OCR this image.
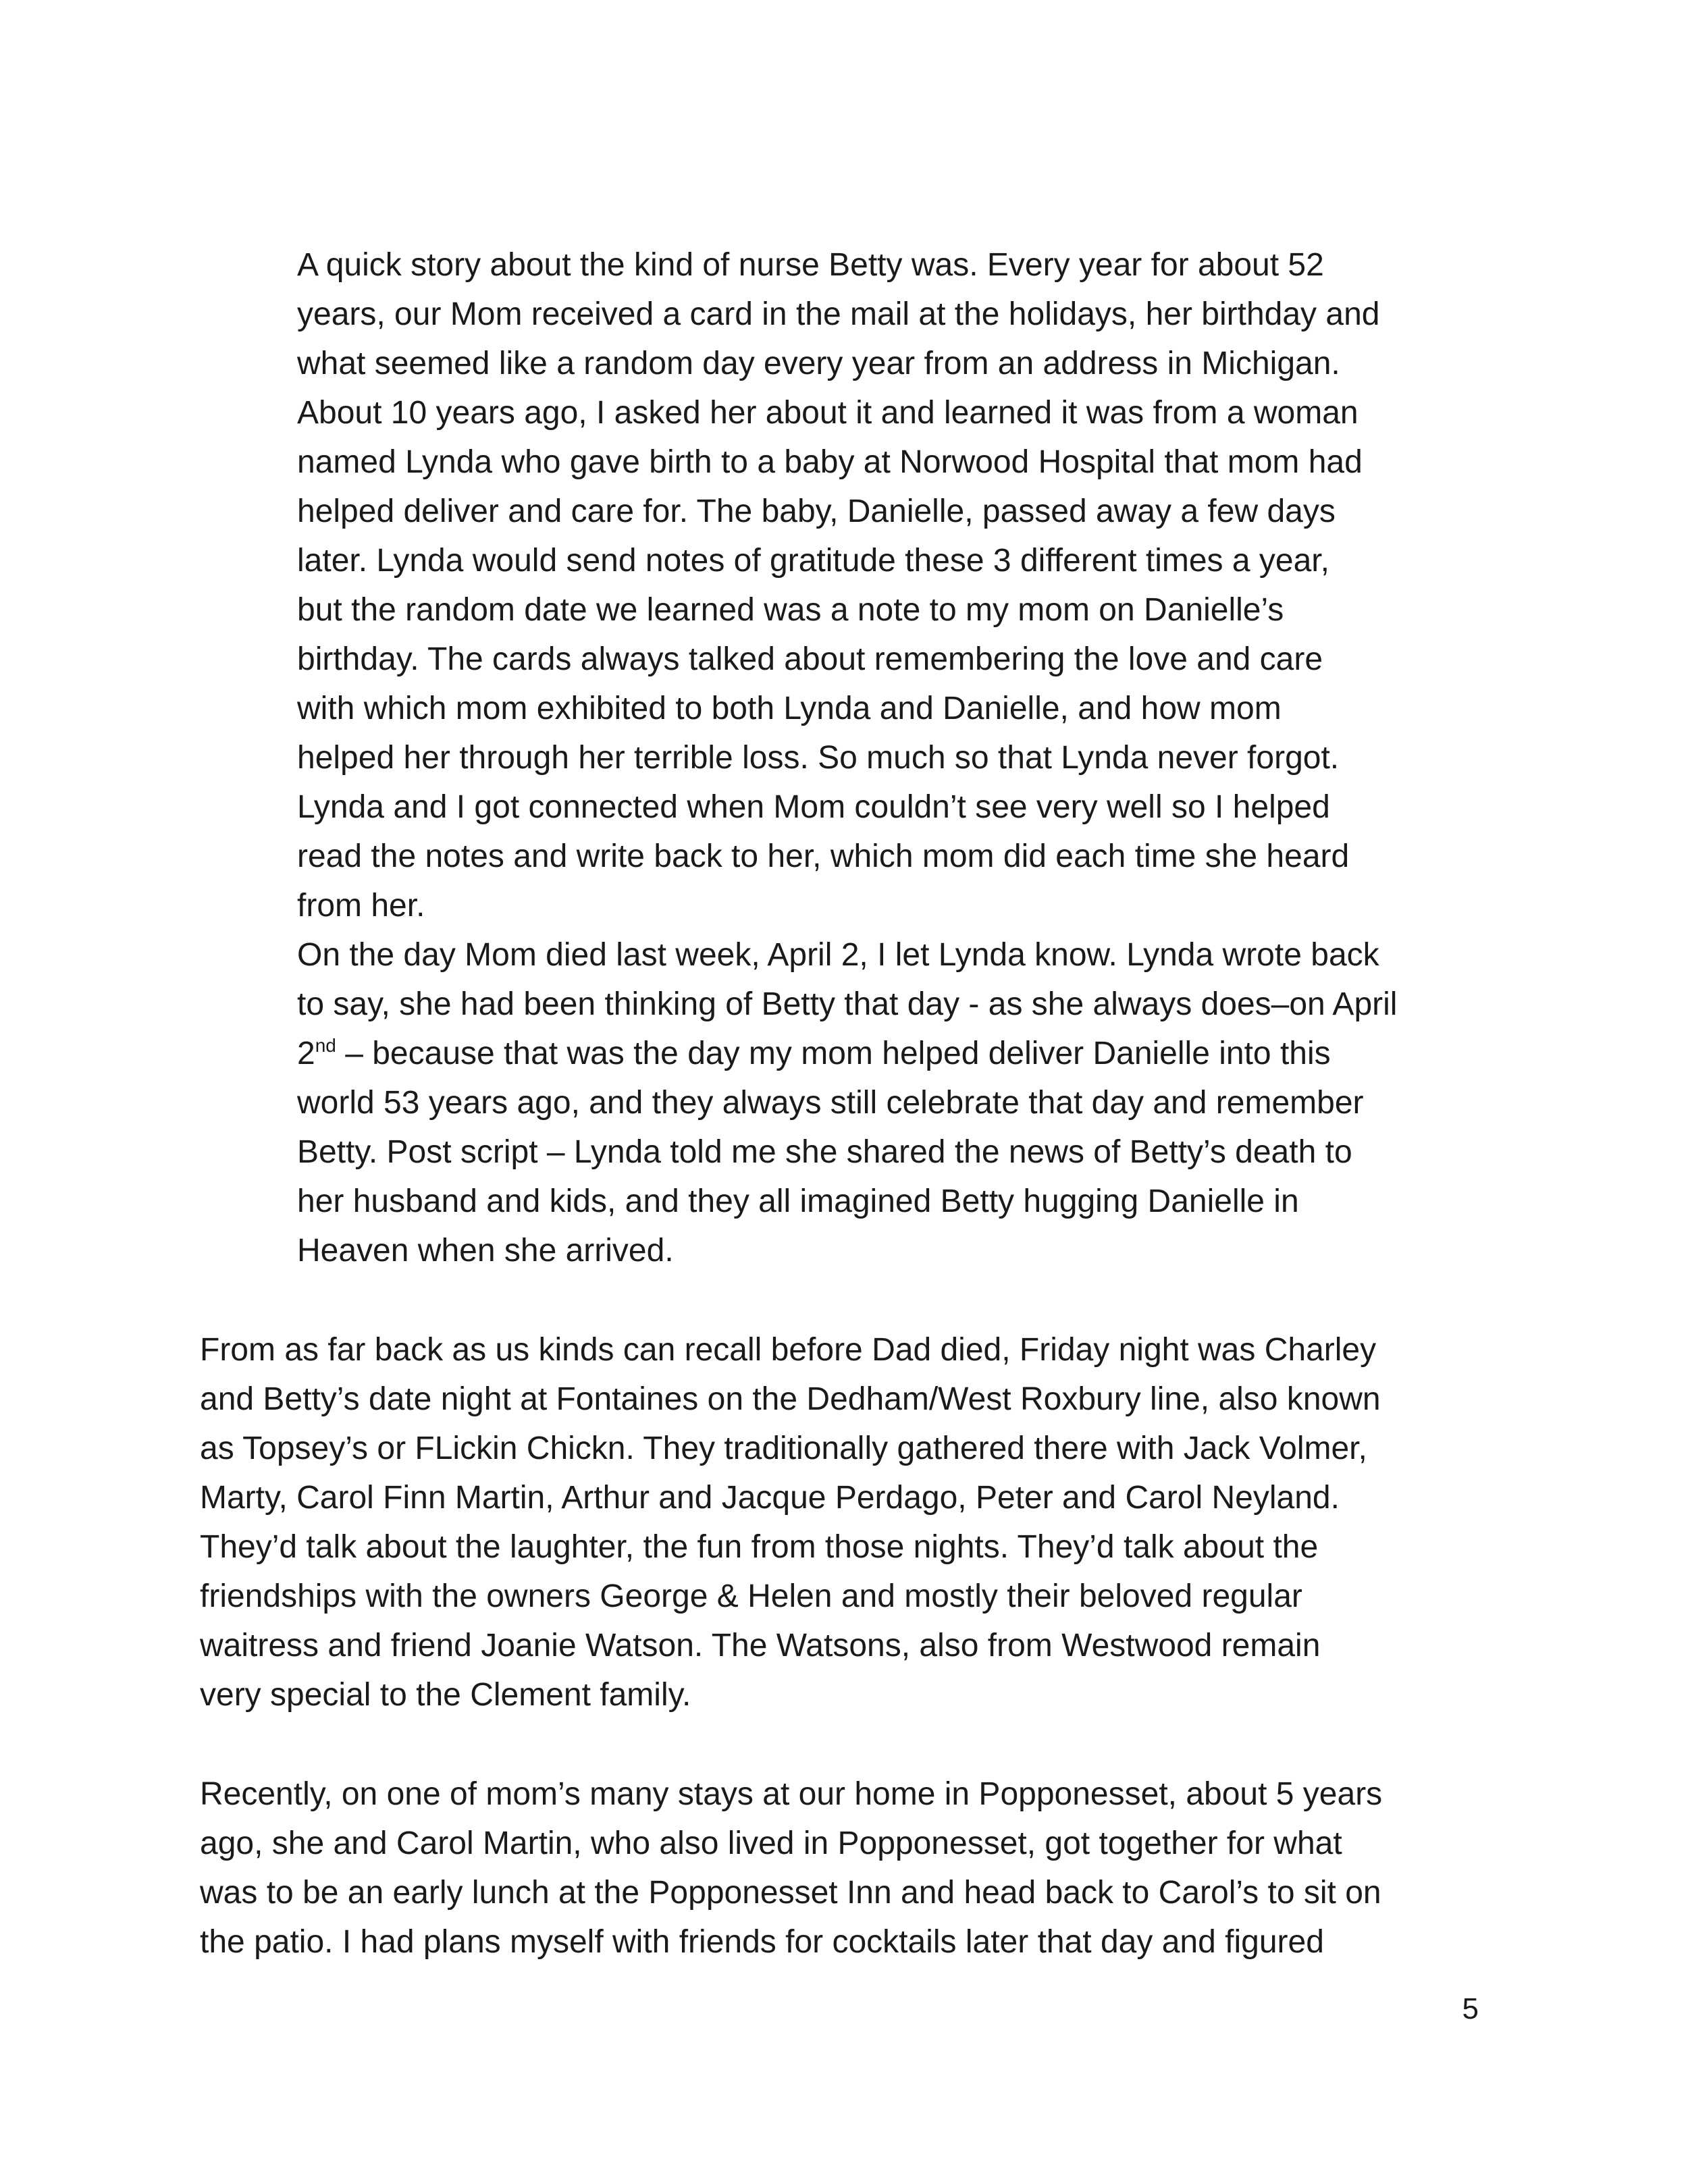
A quick story about the kind of nurse Betty was. Every year for about 52
years, our Mom received a card in the mail at the holidays, her birthday and
what seemed like a random day every year from an address in Michigan.
About 10 years ago, I asked her about it and learned it was from a woman
named Lynda who gave birth to a baby at Norwood Hospital that mom had
helped deliver and care for. The baby, Danielle, passed away a few days
later. Lynda would send notes of gratitude these 3 different times a year,
but the random date we learned was a note to my mom on Danielle’s
birthday. The cards always talked about remembering the love and care
with which mom exhibited to both Lynda and Danielle, and how mom
helped her through her terrible loss. So much so that Lynda never forgot.
Lynda and I got connected when Mom couldn’t see very well so I helped
read the notes and write back to her, which mom did each time she heard
from her.
On the day Mom died last week, April 2, I let Lynda know. Lynda wrote back
to say, she had been thinking of Betty that day - as she always does–on April
2nd – because that was the day my mom helped deliver Danielle into this
world 53 years ago, and they always still celebrate that day and remember
Betty. Post script – Lynda told me she shared the news of Betty’s death to
her husband and kids, and they all imagined Betty hugging Danielle in
Heaven when she arrived.
From as far back as us kinds can recall before Dad died, Friday night was Charley
and Betty’s date night at Fontaines on the Dedham/West Roxbury line, also known
as Topsey’s or FLickin Chickn. They traditionally gathered there with Jack Volmer,
Marty, Carol Finn Martin, Arthur and Jacque Perdago, Peter and Carol Neyland.
They’d talk about the laughter, the fun from those nights. They’d talk about the
friendships with the owners George & Helen and mostly their beloved regular
waitress and friend Joanie Watson. The Watsons, also from Westwood remain
very special to the Clement family.
Recently, on one of mom’s many stays at our home in Popponesset, about 5 years
ago, she and Carol Martin, who also lived in Popponesset, got together for what
was to be an early lunch at the Popponesset Inn and head back to Carol’s to sit on
the patio. I had plans myself with friends for cocktails later that day and figured
5
